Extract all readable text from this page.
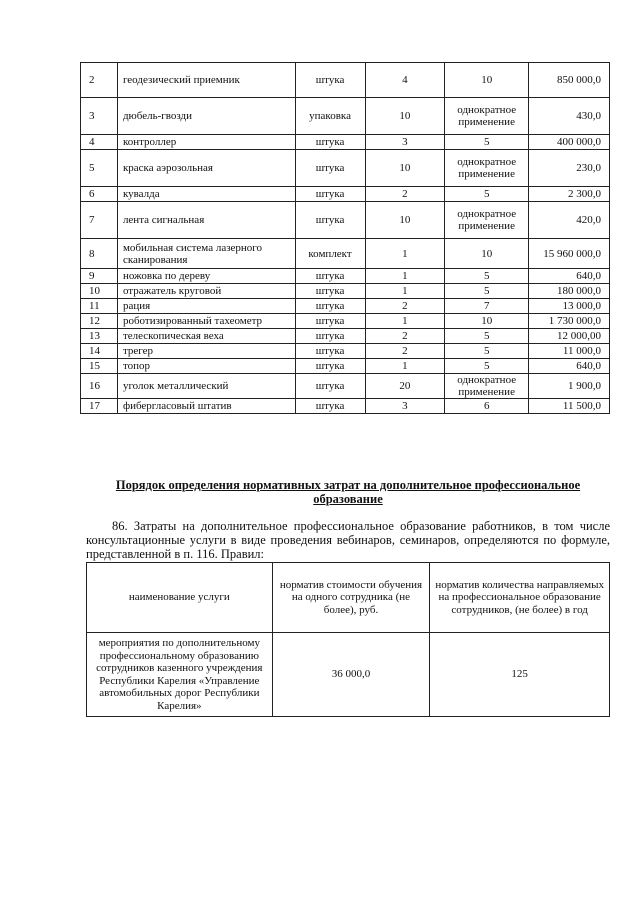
2	геодезический приемник	штука	4	10	850 000,0
3	дюбель-гвозди	упаковка	10	однократное применение	430,0
4	контроллер	штука	3	5	400 000,0
5	краска аэрозольная	штука	10	однократное применение	230,0
6	кувалда	штука	2	5	2 300,0
7	лента сигнальная	штука	10	однократное применение	420,0
8	мобильная система лазерного сканирования	комплект	1	10	15 960 000,0
9	ножовка по дереву	штука	1	5	640,0
10	отражатель круговой	штука	1	5	180 000,0
11	рация	штука	2	7	13 000,0
12	роботизированный тахеометр	штука	1	10	1 730 000,0
13	телескопическая веха	штука	2	5	12 000,00
14	трегер	штука	2	5	11 000,0
15	топор	штука	1	5	640,0
16	уголок металлический	штука	20	однократное применение	1 900,0
17	фибергласовый штатив	штука	3	6	11 500,0
Порядок определения нормативных затрат на дополнительное профессиональное образование
86. Затраты на дополнительное профессиональное образование работников, в том числе консультационные услуги в виде проведения вебинаров, семинаров, определяются по формуле, представленной в п. 116. Правил:
наименование услуги	норматив стоимости обучения на одного сотрудника (не более), руб.	норматив количества направляемых на профессиональное образование сотрудников, (не более) в год
мероприятия по дополнительному профессиональному образованию сотрудников казенного учреждения Республики Карелия «Управление автомобильных дорог Республики Карелия»	36 000,0	125
